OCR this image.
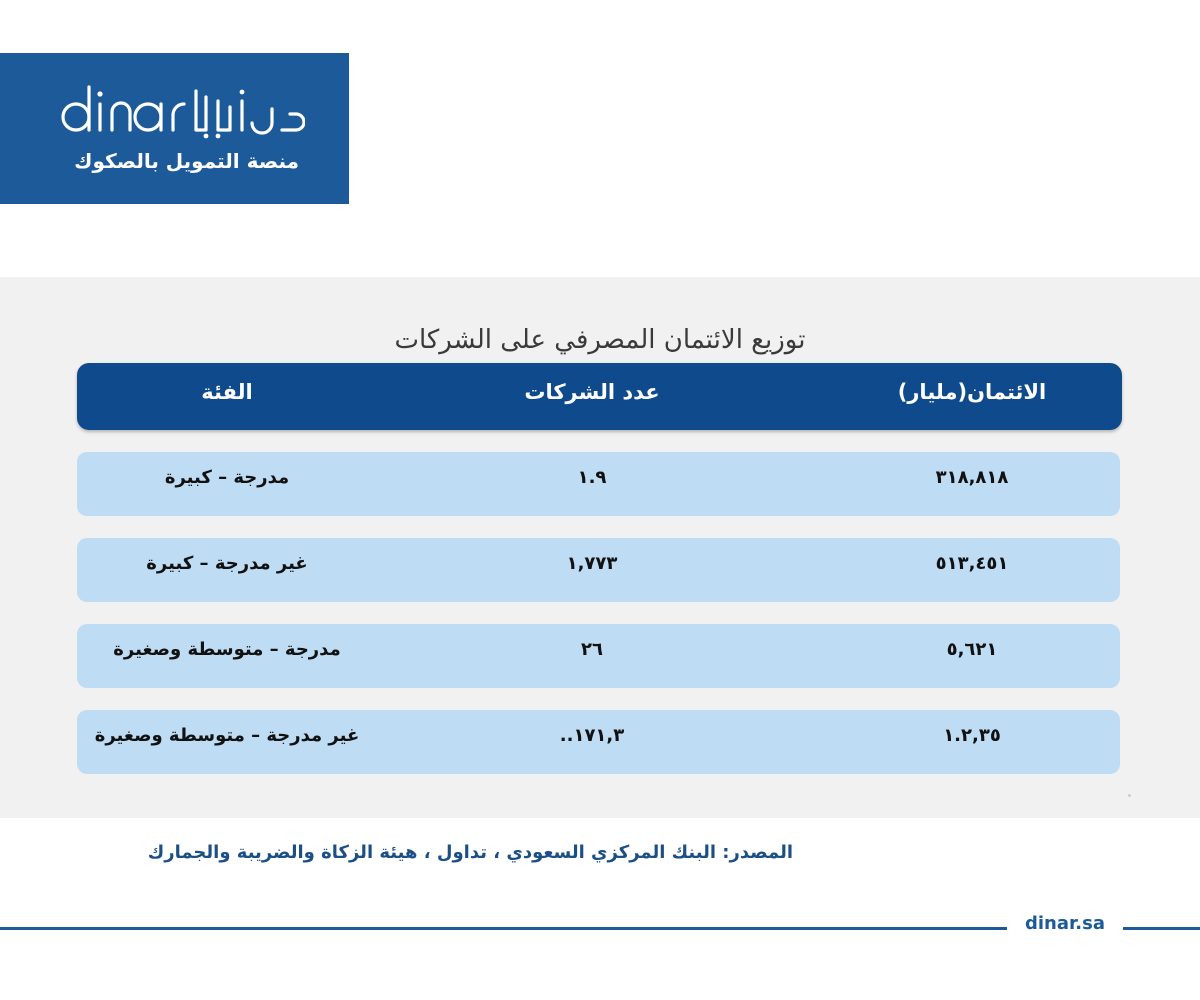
منصة التمويل بالصكوك
توزيع الائتمان المصرفي على الشركات
الائتمان(مليار)
عدد الشركات
الفئة
٣١٨,٨١٨
١.٩
مدرجة – كبيرة
٥١٣,٤٥١
١,٧٧٣
غير مدرجة – كبيرة
٥,٦٢١
٢٦
مدرجة – متوسطة وصغيرة
١.٢,٣٥
١٧١,٣..
غير مدرجة – متوسطة وصغيرة
المصدر: البنك المركزي السعودي ، تداول ، هيئة الزكاة والضريبة والجمارك
dinar.sa
